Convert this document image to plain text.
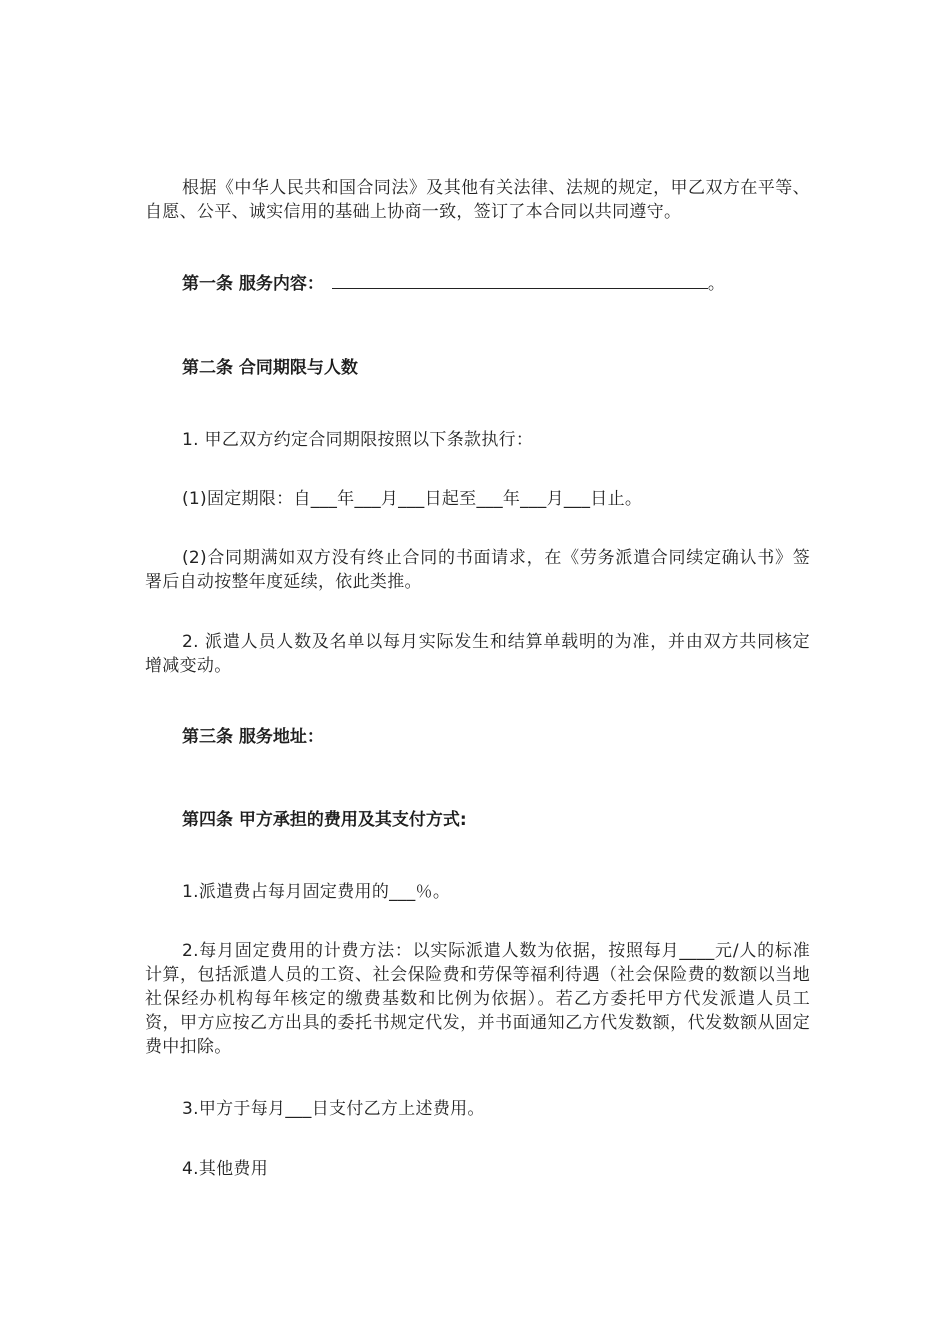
根据《中华人民共和国合同法》及其他有关法律、法规的规定，甲乙双方在平等、自愿、公平、诚实信用的基础上协商一致，签订了本合同以共同遵守。

第一条 服务内容：	。
第二条 合同期限与人数

1. 甲乙双方约定合同期限按照以下条款执行：

(1)固定期限：自___年___月___日起至___年___月___日止。

(2)合同期满如双方没有终止合同的书面请求，在《劳务派遣合同续定确认书》签署后自动按整年度延续，依此类推。

2. 派遣人员人数及名单以每月实际发生和结算单载明的为准，并由双方共同核定增减变动。

第三条 服务地址：
第四条 甲方承担的费用及其支付方式:

1.派遣费占每月固定费用的___％。

2.每月固定费用的计费方法：以实际派遣人数为依据，按照每月____元/人的标准计算，包括派遣人员的工资、社会保险费和劳保等福利待遇（社会保险费的数额以当地社保经办机构每年核定的缴费基数和比例为依据）。若乙方委托甲方代发派遣人员工资，甲方应按乙方出具的委托书规定代发，并书面通知乙方代发数额，代发数额从固定费中扣除。

3.甲方于每月___日支付乙方上述费用。

4.其他费用
